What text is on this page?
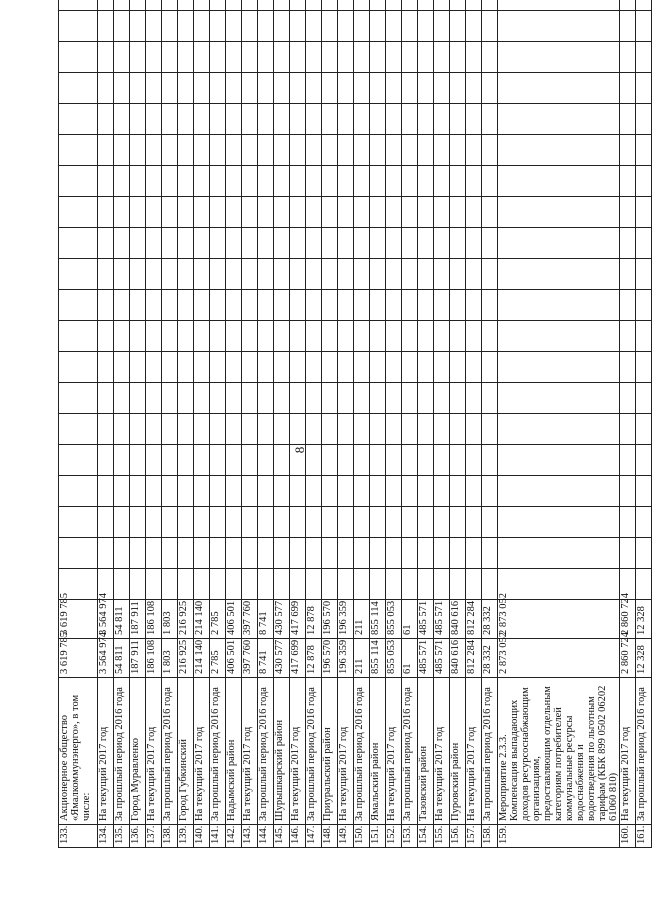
8
133.	Акционерное общество «Ямалкоммунэнерго», в том числе:	3 619 785	3 619 785																				
134.	На текущий 2017 год	3 564 974	3 564 974																				
135.	За прошлый период 2016 года	54 811	54 811																				
136.	Город Муравленко	187 911	187 911																				
137.	На текущий 2017 год	186 108	186 108																				
138.	За прошлый период 2016 года	1 803	1 803																				
139.	Город Губкинский	216 925	216 925																				
140.	На текущий 2017 год	214 140	214 140																				
141.	За прошлый период 2016 года	2 785	2 785																				
142.	Надымский район	406 501	406 501																				
143.	На текущий 2017 год	397 760	397 760																				
144.	За прошлый период 2016 года	8 741	8 741																				
145.	Шурышкарский район	430 577	430 577																				
146.	На текущий 2017 год	417 699	417 699																				
147.	За прошлый период 2016 года	12 878	12 878																				
148.	Приуральский район	196 570	196 570																				
149.	На текущий 2017 год	196 359	196 359																				
150.	За прошлый период 2016 года	211	211																				
151.	Ямальский район	855 114	855 114																				
152.	На текущий 2017 год	855 053	855 053																				
153.	За прошлый период 2016 года	61	61																				
154.	Тазовский район	485 571	485 571																				
155.	На текущий 2017 год	485 571	485 571																				
156.	Пуровский район	840 616	840 616																				
157.	На текущий 2017 год	812 284	812 284																				
158.	За прошлый период 2016 года	28 332	28 332																				
159.	Мероприятие 2.3.3. Компенсация выпадающих доходов ресурсоснабжающим организациям, предоставляющим отдельным категориям потребителей коммунальные ресурсы водоснабжения и водоотведения по льготным тарифам (КБК 899 0502 06202 61060 810)	2 873 052	2 873 052																				
160.	На текущий 2017 год	2 860 724	2 860 724																				
161.	За прошлый период 2016 года	12 328	12 328																				
